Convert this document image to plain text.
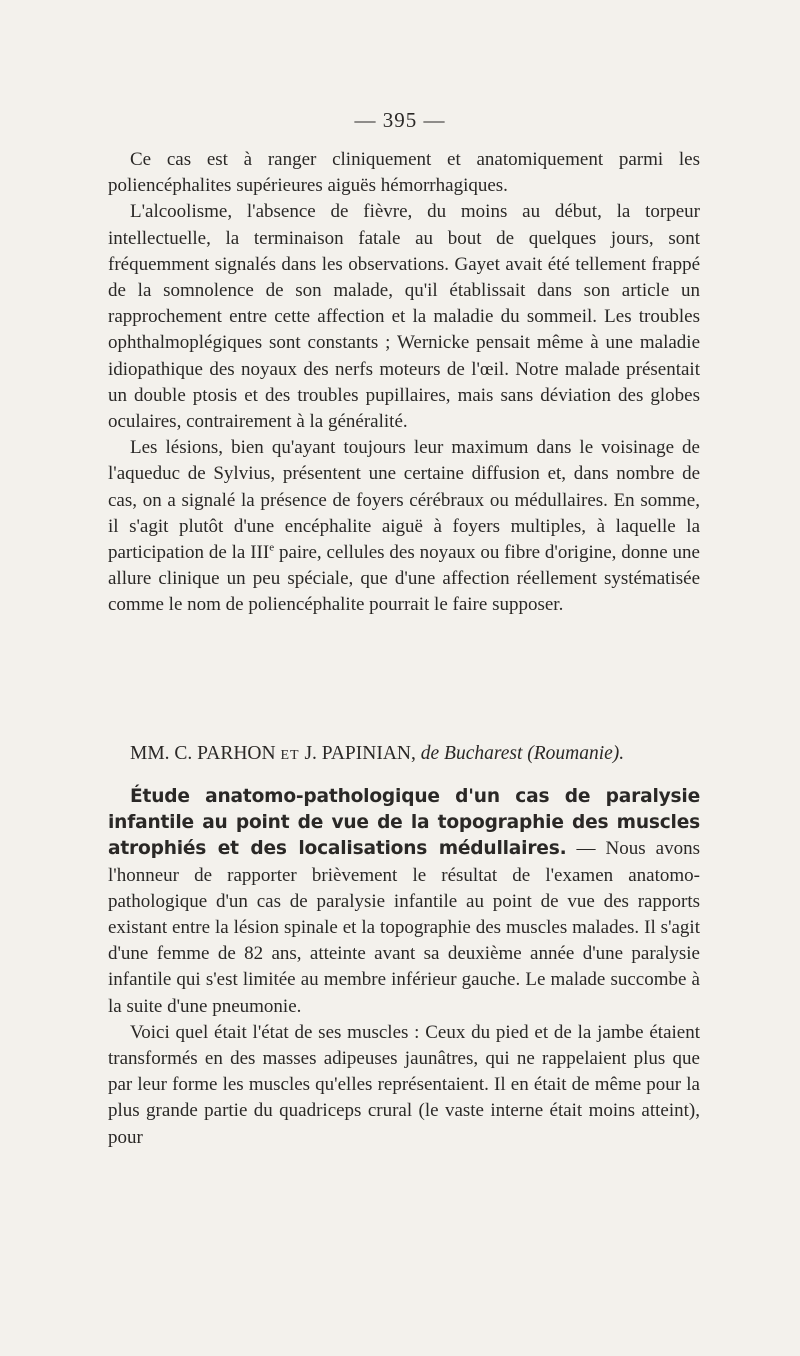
— 395 —

Ce cas est à ranger cliniquement et anatomiquement parmi les poliencéphalites supérieures aiguës hémorrhagiques.

L'alcoolisme, l'absence de fièvre, du moins au début, la torpeur intellectuelle, la terminaison fatale au bout de quelques jours, sont fréquemment signalés dans les observations. Gayet avait été tellement frappé de la somnolence de son malade, qu'il établissait dans son article un rapprochement entre cette affection et la maladie du sommeil. Les troubles ophthalmoplégiques sont constants ; Wernicke pensait même à une maladie idiopathique des noyaux des nerfs moteurs de l'œil. Notre malade présentait un double ptosis et des troubles pupillaires, mais sans déviation des globes oculaires, contrairement à la généralité.

Les lésions, bien qu'ayant toujours leur maximum dans le voisinage de l'aqueduc de Sylvius, présentent une certaine diffusion et, dans nombre de cas, on a signalé la présence de foyers cérébraux ou médullaires. En somme, il s'agit plutôt d'une encéphalite aiguë à foyers multiples, à laquelle la participation de la IIIe paire, cellules des noyaux ou fibre d'origine, donne une allure clinique un peu spéciale, que d'une affection réellement systématisée comme le nom de poliencéphalite pourrait le faire supposer.

MM. C. PARHON ET J. PAPINIAN, de Bucharest (Roumanie).

Étude anatomo-pathologique d'un cas de paralysie infantile au point de vue de la topographie des muscles atrophiés et des localisations médullaires. — Nous avons l'honneur de rapporter brièvement le résultat de l'examen anatomo-pathologique d'un cas de paralysie infantile au point de vue des rapports existant entre la lésion spinale et la topographie des muscles malades. Il s'agit d'une femme de 82 ans, atteinte avant sa deuxième année d'une paralysie infantile qui s'est limitée au membre inférieur gauche. Le malade succombe à la suite d'une pneumonie.

Voici quel était l'état de ses muscles : Ceux du pied et de la jambe étaient transformés en des masses adipeuses jaunâtres, qui ne rappelaient plus que par leur forme les muscles qu'elles représentaient. Il en était de même pour la plus grande partie du quadriceps crural (le vaste interne était moins atteint), pour
